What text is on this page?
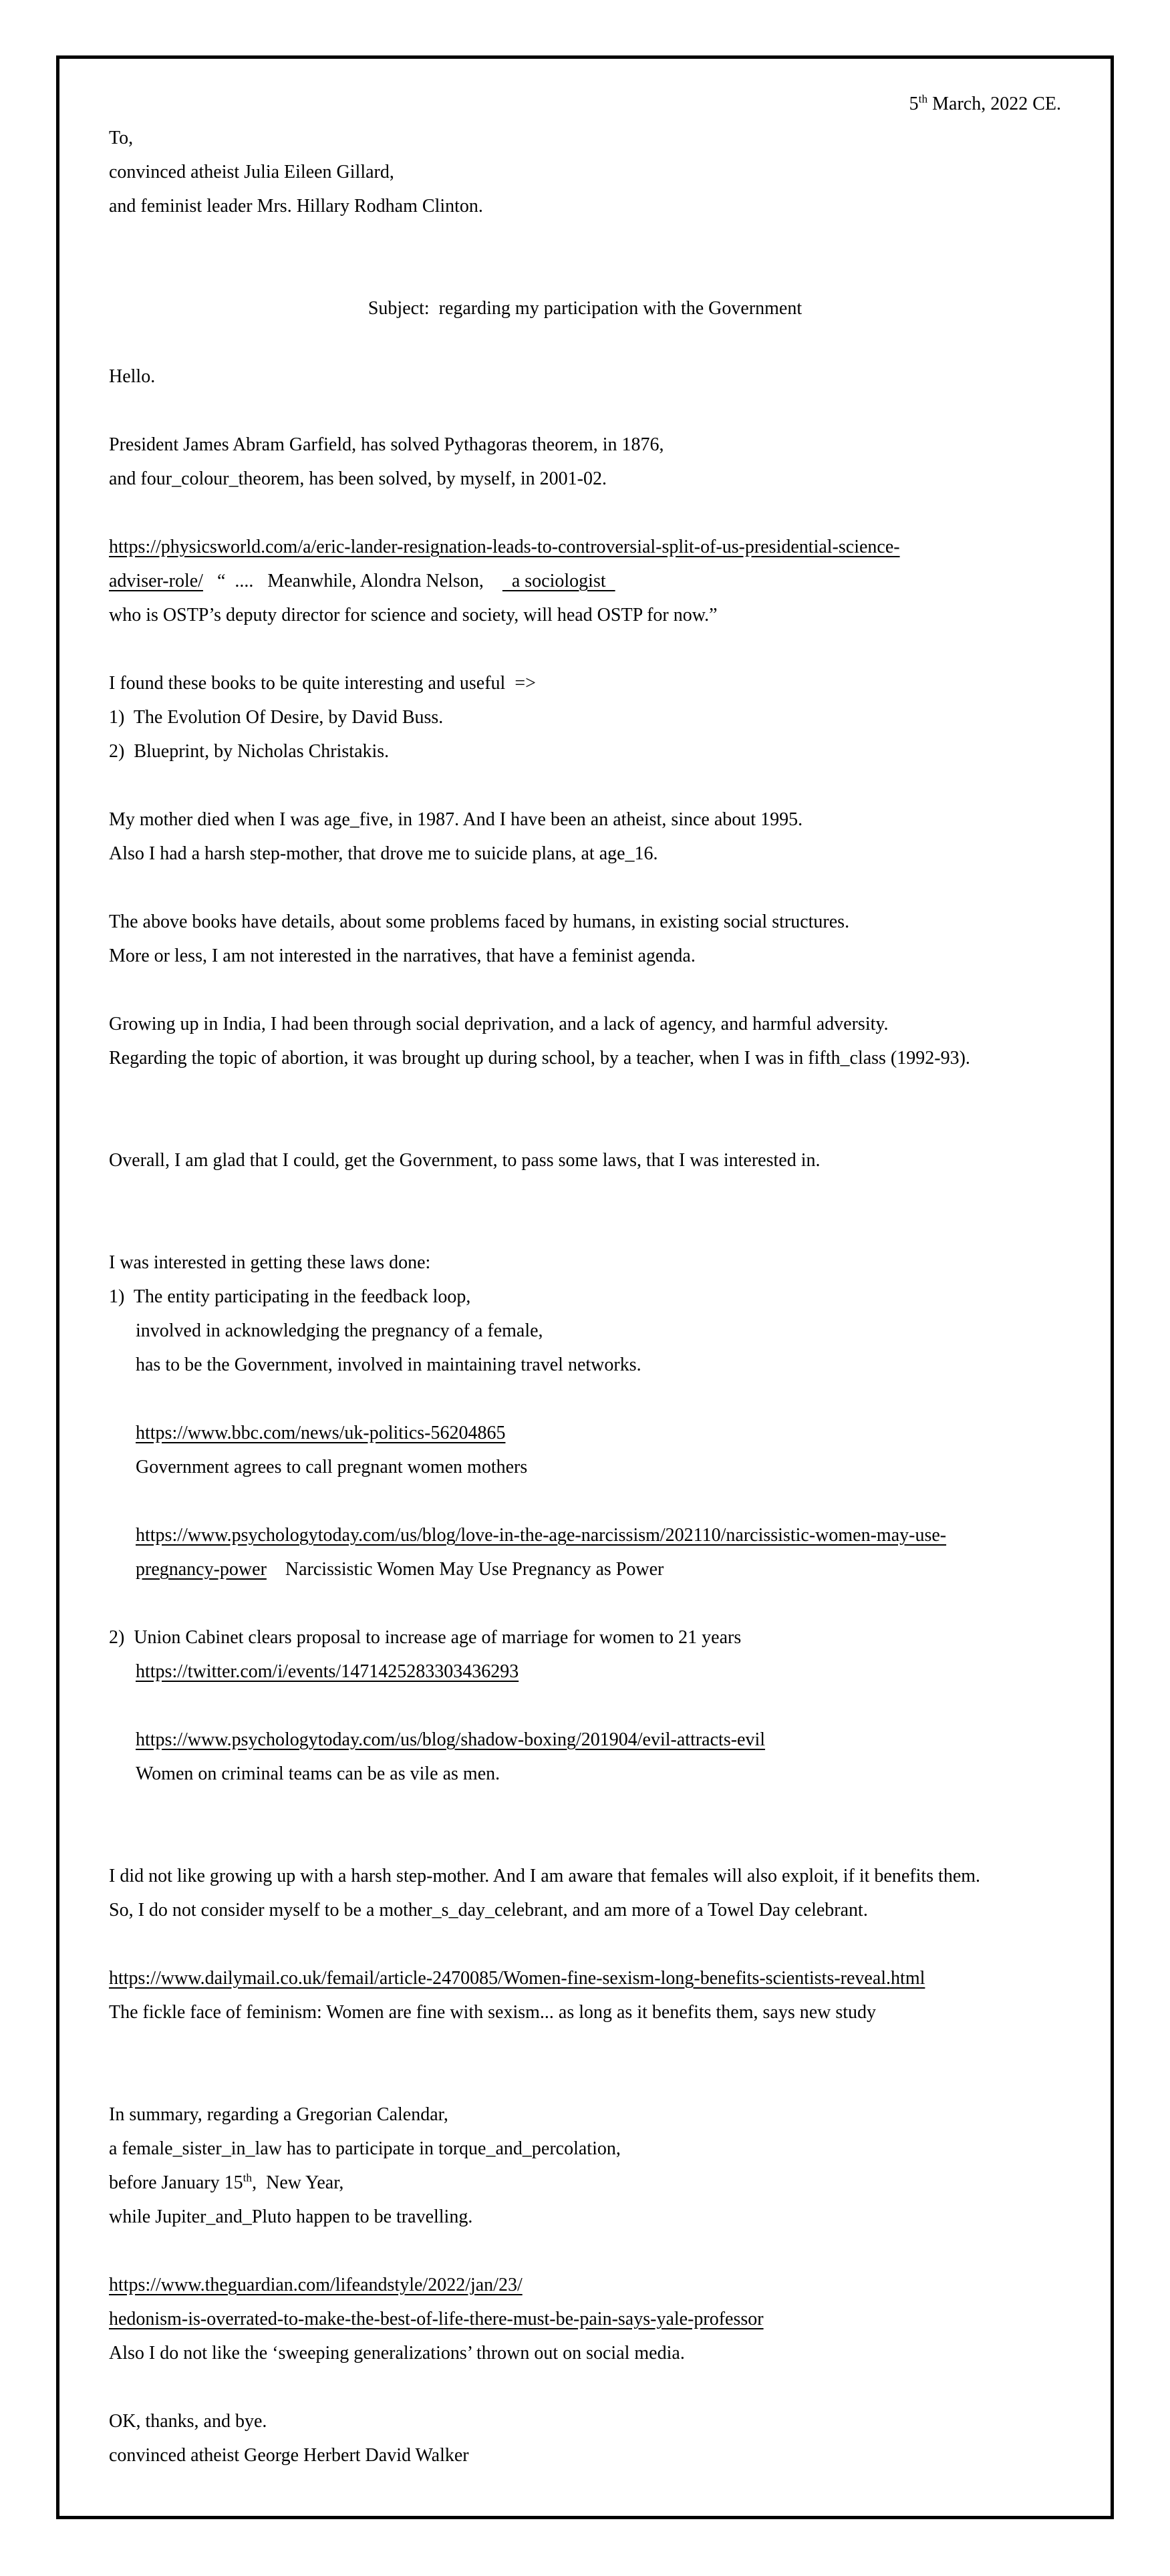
5th March, 2022 CE.

To,

convinced atheist Julia Eileen Gillard,

and feminist leader Mrs. Hillary Rodham Clinton.

Subject:  regarding my participation with the Government

Hello.

President James Abram Garfield, has solved Pythagoras theorem, in 1876,

and four_colour_theorem, has been solved, by myself, in 2001-02.

https://physicsworld.com/a/eric-lander-resignation-leads-to-controversial-split-of-us-presidential-science-
adviser-role/   “  ....   Meanwhile, Alondra Nelson,      a sociologist
who is OSTP’s deputy director for science and society, will head OSTP for now.”

I found these books to be quite interesting and useful  =>

1)  The Evolution Of Desire, by David Buss.

2)  Blueprint, by Nicholas Christakis.

My mother died when I was age_five, in 1987. And I have been an atheist, since about 1995.

Also I had a harsh step-mother, that drove me to suicide plans, at age_16.

The above books have details, about some problems faced by humans, in existing social structures.

More or less, I am not interested in the narratives, that have a feminist agenda.

Growing up in India, I had been through social deprivation, and a lack of agency, and harmful adversity.

Regarding the topic of abortion, it was brought up during school, by a teacher, when I was in fifth_class (1992-93).

Overall, I am glad that I could, get the Government, to pass some laws, that I was interested in.

I was interested in getting these laws done:

1)  The entity participating in the feedback loop,

involved in acknowledging the pregnancy of a female,

has to be the Government, involved in maintaining travel networks.

https://www.bbc.com/news/uk-politics-56204865

Government agrees to call pregnant women mothers

https://www.psychologytoday.com/us/blog/love-in-the-age-narcissism/202110/narcissistic-women-may-use-
pregnancy-power    Narcissistic Women May Use Pregnancy as Power

2)  Union Cabinet clears proposal to increase age of marriage for women to 21 years

https://twitter.com/i/events/1471425283303436293

https://www.psychologytoday.com/us/blog/shadow-boxing/201904/evil-attracts-evil

Women on criminal teams can be as vile as men.

I did not like growing up with a harsh step-mother. And I am aware that females will also exploit, if it benefits them.

So, I do not consider myself to be a mother_s_day_celebrant, and am more of a Towel Day celebrant.

https://www.dailymail.co.uk/femail/article-2470085/Women-fine-sexism-long-benefits-scientists-reveal.html

The fickle face of feminism: Women are fine with sexism... as long as it benefits them, says new study

In summary, regarding a Gregorian Calendar,

a female_sister_in_law has to participate in torque_and_percolation,

before January 15th,  New Year,

while Jupiter_and_Pluto happen to be travelling.

https://www.theguardian.com/lifeandstyle/2022/jan/23/
hedonism-is-overrated-to-make-the-best-of-life-there-must-be-pain-says-yale-professor

Also I do not like the ‘sweeping generalizations’ thrown out on social media.

OK, thanks, and bye.

convinced atheist George Herbert David Walker
